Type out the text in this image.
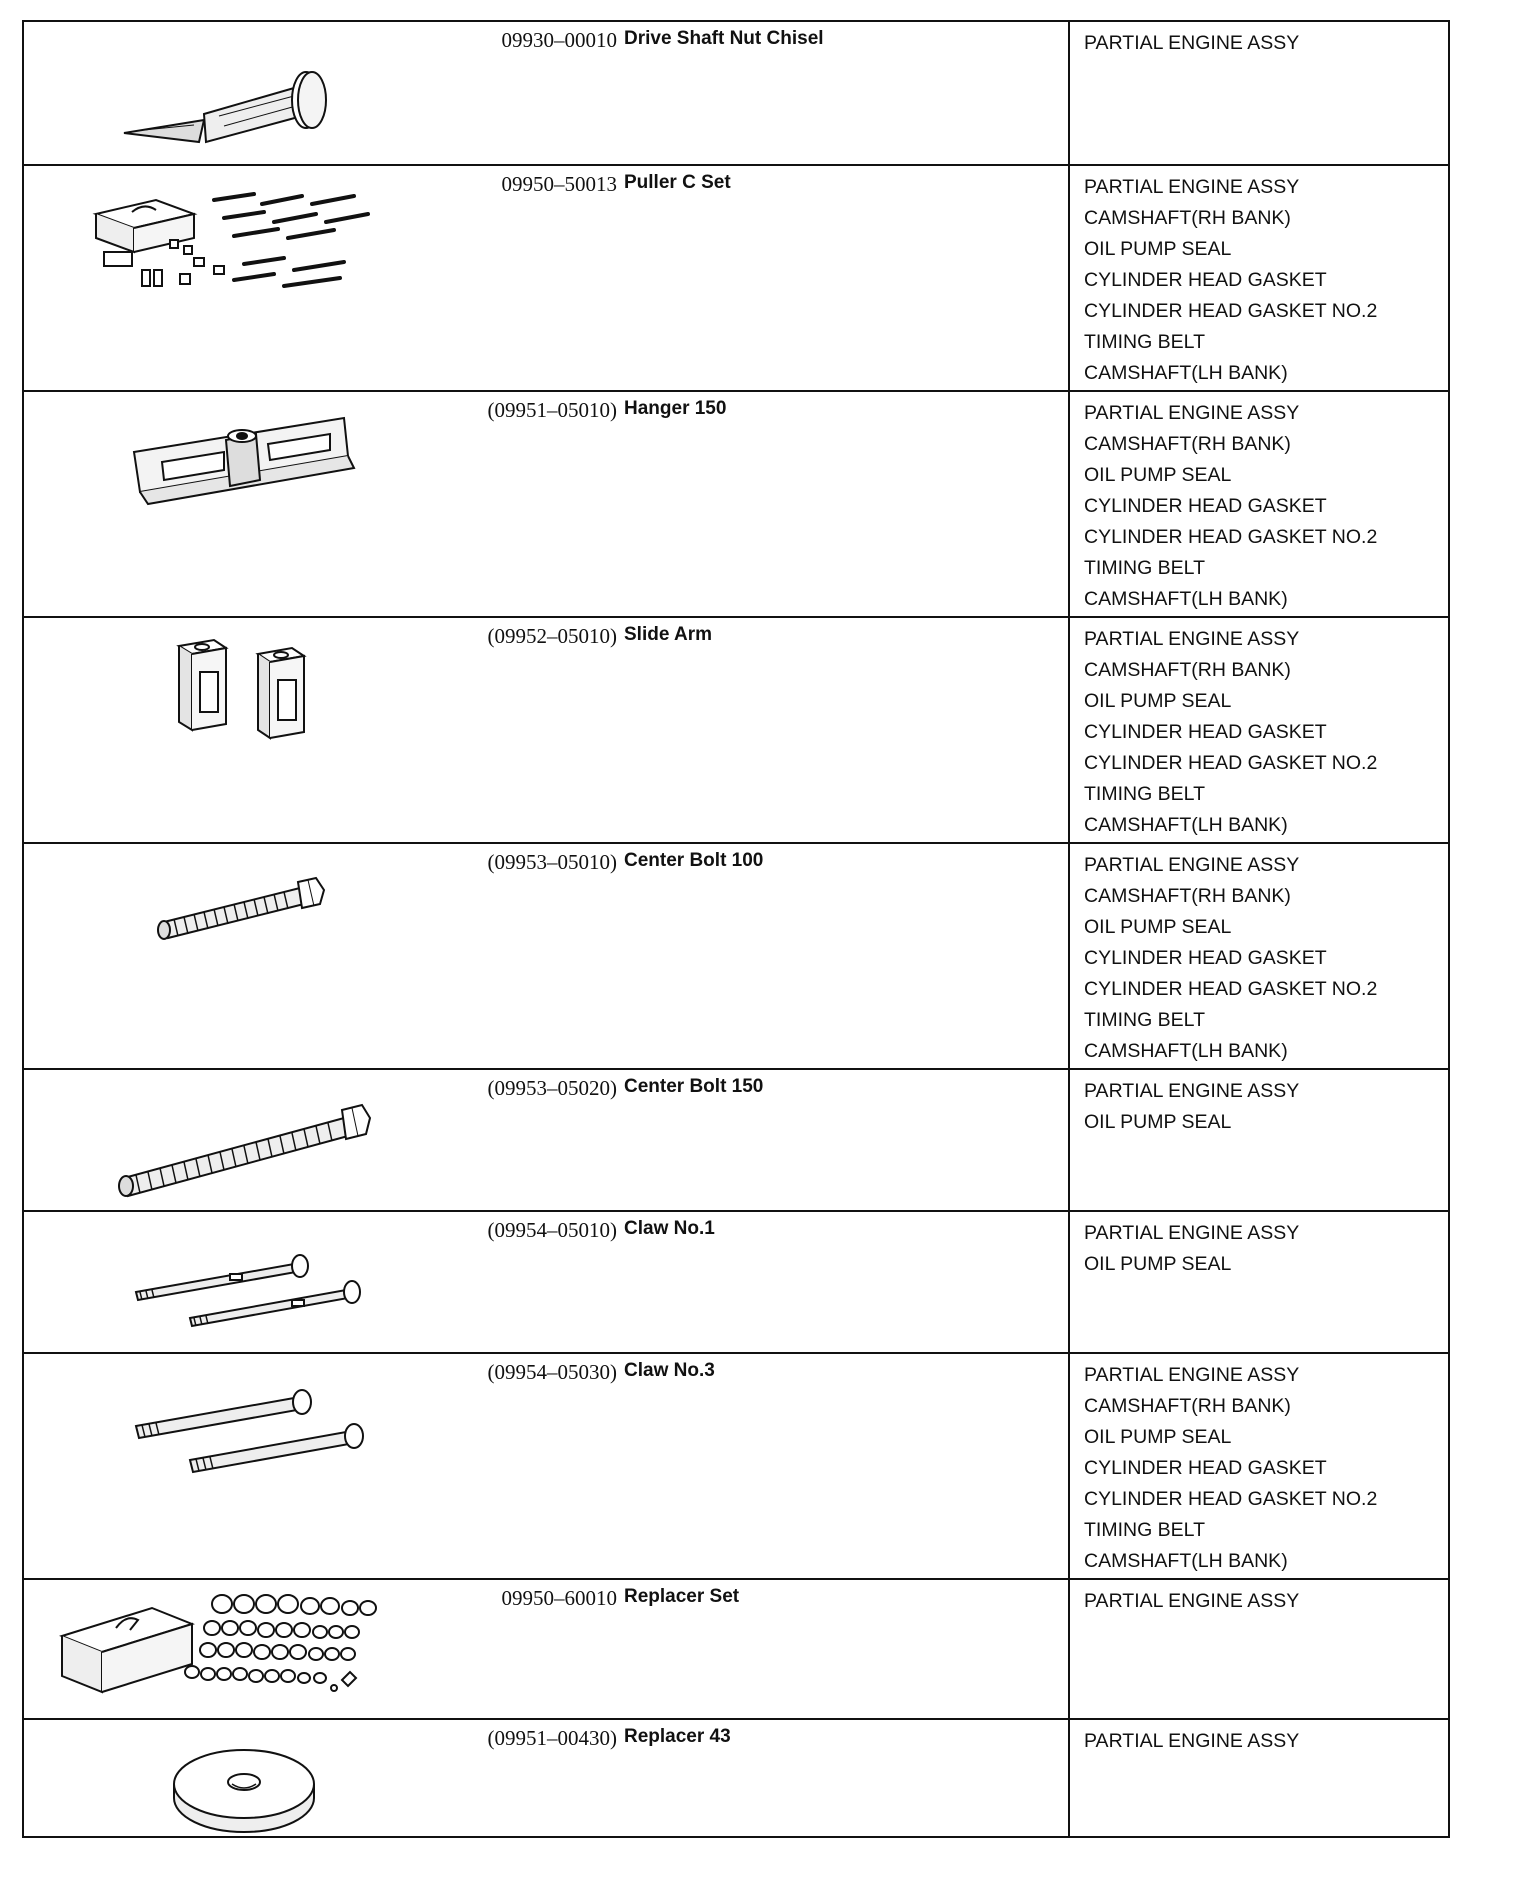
09930–00010 Drive Shaft Nut Chisel	PARTIAL ENGINE ASSY
09950–50013 Puller C Set	PARTIAL ENGINE ASSY
CAMSHAFT(RH BANK)
OIL PUMP SEAL
CYLINDER HEAD GASKET
CYLINDER HEAD GASKET NO.2
TIMING BELT
CAMSHAFT(LH BANK)
(09951–05010) Hanger 150	PARTIAL ENGINE ASSY
CAMSHAFT(RH BANK)
OIL PUMP SEAL
CYLINDER HEAD GASKET
CYLINDER HEAD GASKET NO.2
TIMING BELT
CAMSHAFT(LH BANK)
(09952–05010) Slide Arm	PARTIAL ENGINE ASSY
CAMSHAFT(RH BANK)
OIL PUMP SEAL
CYLINDER HEAD GASKET
CYLINDER HEAD GASKET NO.2
TIMING BELT
CAMSHAFT(LH BANK)
(09953–05010) Center Bolt 100	PARTIAL ENGINE ASSY
CAMSHAFT(RH BANK)
OIL PUMP SEAL
CYLINDER HEAD GASKET
CYLINDER HEAD GASKET NO.2
TIMING BELT
CAMSHAFT(LH BANK)
(09953–05020) Center Bolt 150	PARTIAL ENGINE ASSY
OIL PUMP SEAL
(09954–05010) Claw No.1	PARTIAL ENGINE ASSY
OIL PUMP SEAL
(09954–05030) Claw No.3	PARTIAL ENGINE ASSY
CAMSHAFT(RH BANK)
OIL PUMP SEAL
CYLINDER HEAD GASKET
CYLINDER HEAD GASKET NO.2
TIMING BELT
CAMSHAFT(LH BANK)
09950–60010 Replacer Set	PARTIAL ENGINE ASSY
(09951–00430) Replacer 43	PARTIAL ENGINE ASSY
